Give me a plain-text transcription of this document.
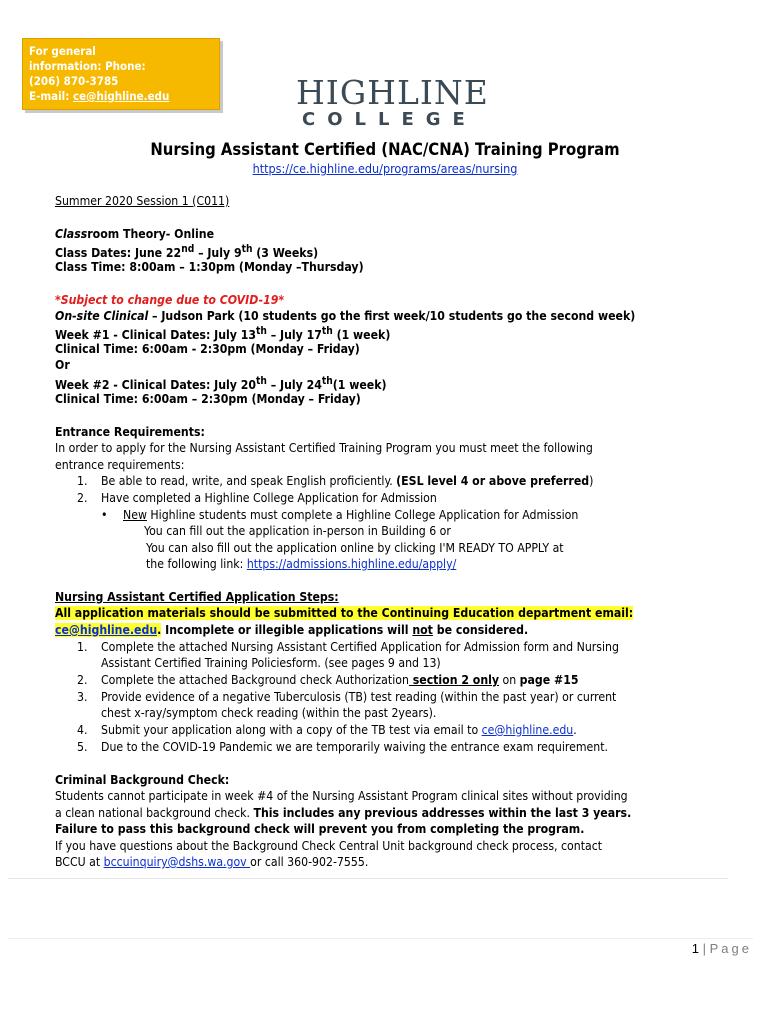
For general
information: Phone:
(206) 870-3785
E-mail: ce@highline.edu	HIGHLINE
COLLEGE
Nursing Assistant Certified (NAC/CNA) Training Program
https://ce.highline.edu/programs/areas/nursing
Summer 2020 Session 1 (C011)
Classroom Theory- Online
Class Dates: June 22nd – July 9th (3 Weeks)
Class Time: 8:00am – 1:30pm (Monday –Thursday)
*Subject to change due to COVID-19*
On-site Clinical – Judson Park (10 students go the first week/10 students go the second week)
Week #1 - Clinical Dates: July 13th – July 17th (1 week)
Clinical Time: 6:00am - 2:30pm (Monday – Friday)
Or
Week #2 - Clinical Dates: July 20th – July 24th(1 week)
Clinical Time: 6:00am – 2:30pm (Monday – Friday)
Entrance Requirements:
In order to apply for the Nursing Assistant Certified Training Program you must meet the following
entrance requirements:
1. Be able to read, write, and speak English proficiently. (ESL level 4 or above preferred)
2. Have completed a Highline College Application for Admission
• New Highline students must complete a Highline College Application for Admission
You can fill out the application in-person in Building 6 or
You can also fill out the application online by clicking I'M READY TO APPLY at
the following link: https://admissions.highline.edu/apply/
Nursing Assistant Certified Application Steps:
All application materials should be submitted to the Continuing Education department email:
ce@highline.edu. Incomplete or illegible applications will not be considered.
1. Complete the attached Nursing Assistant Certified Application for Admission form and Nursing
Assistant Certified Training Policiesform. (see pages 9 and 13)
2. Complete the attached Background check Authorization section 2 only on page #15
3. Provide evidence of a negative Tuberculosis (TB) test reading (within the past year) or current
chest x-ray/symptom check reading (within the past 2years).
4. Submit your application along with a copy of the TB test via email to ce@highline.edu.
5. Due to the COVID-19 Pandemic we are temporarily waiving the entrance exam requirement.
Criminal Background Check:
Students cannot participate in week #4 of the Nursing Assistant Program clinical sites without providing
a clean national background check. This includes any previous addresses within the last 3 years.
Failure to pass this background check will prevent you from completing the program.
If you have questions about the Background Check Central Unit background check process, contact
BCCU at bccuinquiry@dshs.wa.gov or call 360-902-7555.
1 | Page
